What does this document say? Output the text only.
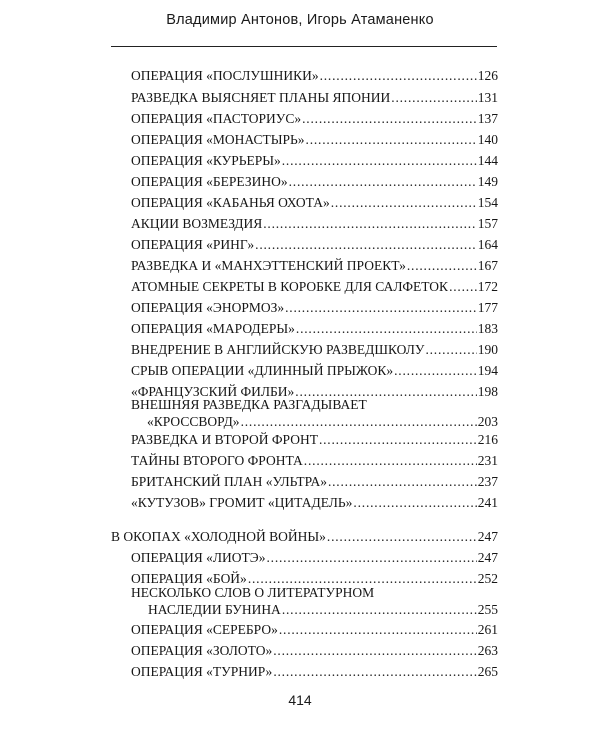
Владимир Антонов, Игорь Атаманенко
ОПЕРАЦИЯ «ПОСЛУШНИКИ» .....	126
РАЗВЕДКА ВЫЯСНЯЕТ ПЛАНЫ ЯПОНИИ .....	131
ОПЕРАЦИЯ «ПАСТОРИУС» .....	137
ОПЕРАЦИЯ «МОНАСТЫРЬ» .....	140
ОПЕРАЦИЯ «КУРЬЕРЫ» .....	144
ОПЕРАЦИЯ «БЕРЕЗИНО» .....	149
ОПЕРАЦИЯ «КАБАНЬЯ ОХОТА» .....	154
АКЦИИ ВОЗМЕЗДИЯ .....	157
ОПЕРАЦИЯ «РИНГ» .....	164
РАЗВЕДКА И «МАНХЭТТЕНСКИЙ ПРОЕКТ» .....	167
АТОМНЫЕ СЕКРЕТЫ В КОРОБКЕ ДЛЯ САЛФЕТОК ..... 172
ОПЕРАЦИЯ «ЭНОРМОЗ» .....	177
ОПЕРАЦИЯ «МАРОДЕРЫ» .....	183
ВНЕДРЕНИЕ В АНГЛИЙСКУЮ РАЗВЕДШКОЛУ .....	190
СРЫВ ОПЕРАЦИИ «ДЛИННЫЙ ПРЫЖОК» .....	194
«ФРАНЦУЗСКИЙ ФИЛБИ» .....	198
ВНЕШНЯЯ РАЗВЕДКА РАЗГАДЫВАЕТ
«КРОССВОРД» .....	203
РАЗВЕДКА И ВТОРОЙ ФРОНТ .....	216
ТАЙНЫ ВТОРОГО ФРОНТА .....	231
БРИТАНСКИЙ ПЛАН «УЛЬТРА» .....	237
«КУТУЗОВ» ГРОМИТ «ЦИТАДЕЛЬ» .....	241
В ОКОПАХ «ХОЛОДНОЙ ВОЙНЫ» .....	247
ОПЕРАЦИЯ «ЛИОТЭ» .....	247
ОПЕРАЦИЯ «БОЙ» .....	252
НЕСКОЛЬКО СЛОВ О ЛИТЕРАТУРНОМ
НАСЛЕДИИ БУНИНА .....	255
ОПЕРАЦИЯ «СЕРЕБРО» .....	261
ОПЕРАЦИЯ «ЗОЛОТО» .....	263
ОПЕРАЦИЯ «ТУРНИР» .....	265
414
